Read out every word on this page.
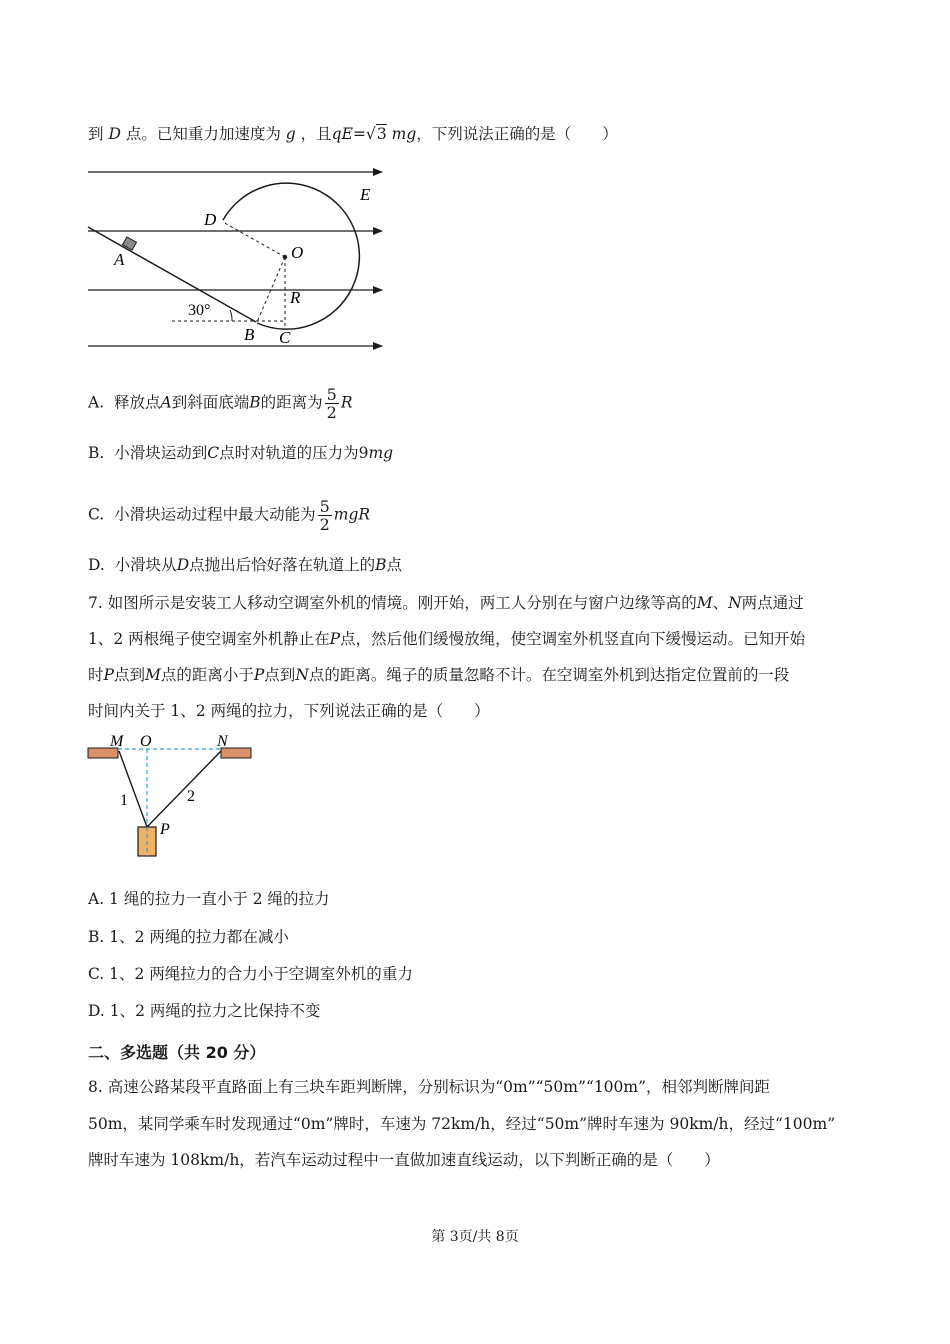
到 D 点。已知重力加速度为 g ，且qE=√3 mg，下列说法正确的是（　　）
E
D
O
A
R
30°
B C
A. 释放点A到斜面底端B的距离为 $\frac{5}{2}$ R
B. 小滑块运动到C点时对轨道的压力为9mg
C. 小滑块运动过程中最大动能为 $\frac{5}{2}$ mgR
D. 小滑块从D点抛出后恰好落在轨道上的B点
7. 如图所示是安装工人移动空调室外机的情境。刚开始，两工人分别在与窗户边缘等高的M、N两点通过
1、2 两根绳子使空调室外机静止在P点，然后他们缓慢放绳，使空调室外机竖直向下缓慢运动。已知开始
时P点到M点的距离小于P点到N点的距离。绳子的质量忽略不计。在空调室外机到达指定位置前的一段
时间内关于 1、2 两绳的拉力，下列说法正确的是（　　）
M O	N
1	2
P
A. 1 绳的拉力一直小于 2 绳的拉力
B. 1、2 两绳的拉力都在减小
C. 1、2 两绳拉力的合力小于空调室外机的重力
D. 1、2 两绳的拉力之比保持不变
二、多选题（共 20 分）
8. 高速公路某段平直路面上有三块车距判断牌，分别标识为“0m”“50m”“100m”，相邻判断牌间距
50m，某同学乘车时发现通过“0m”牌时，车速为 72km/h，经过“50m”牌时车速为 90km/h，经过“100m”
牌时车速为 108km/h，若汽车运动过程中一直做加速直线运动，以下判断正确的是（　　）
第 3页/共 8页
